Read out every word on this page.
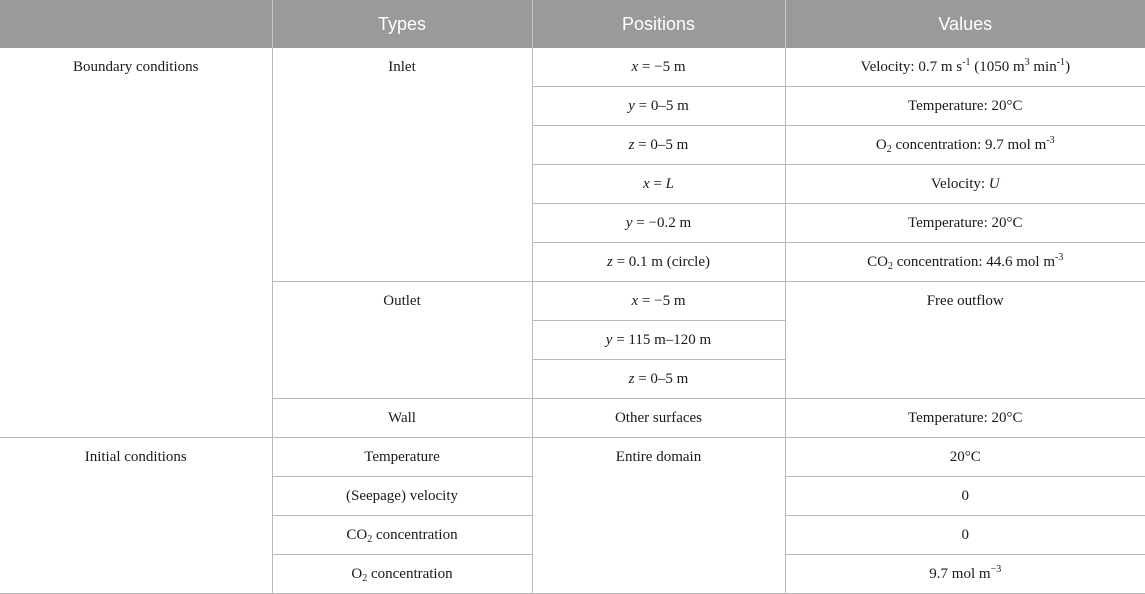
	Types	Positions	Values
Boundary conditions	Inlet	x = −5 m	Velocity: 0.7 m $s^{-1}$ (1050 $m^3$ $\min^{-1}$)
		y = 0–5 m	Temperature: 20°C
		z = 0–5 m	$O_2$ concentration: 9.7 mol $m^{-3}$
		x = L	Velocity: U
		y = −0.2 m	Temperature: 20°C
		z = 0.1 m (circle)	$CO_2$ concentration: 44.6 mol $m^{-3}$
	Outlet	x = −5 m	Free outflow
		y = 115 m–120 m	
		z = 0–5 m	
	Wall	Other surfaces	Temperature: 20°C
Initial conditions	Temperature	Entire domain	20°C
	(Seepage) velocity		0
	$CO_2$ concentration		0
	$O_2$ concentration		9.7 mol $m^{-3}$
